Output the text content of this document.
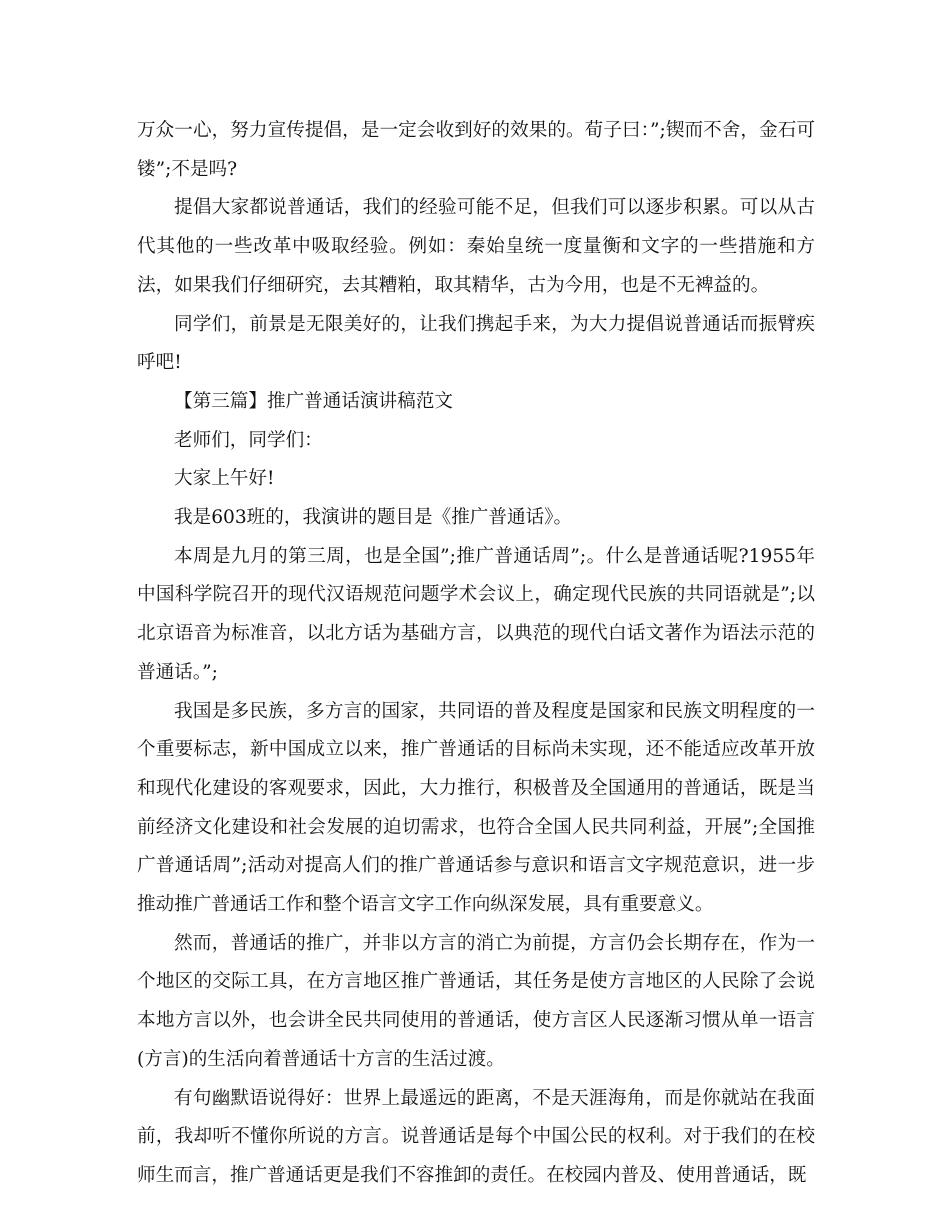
万众一心，努力宣传提倡，是一定会收到好的效果的。荀子曰：”;锲而不舍，金石可镂”;不是吗?

提倡大家都说普通话，我们的经验可能不足，但我们可以逐步积累。可以从古代其他的一些改革中吸取经验。例如：秦始皇统一度量衡和文字的一些措施和方法，如果我们仔细研究，去其糟粕，取其精华，古为今用，也是不无裨益的。

同学们，前景是无限美好的，让我们携起手来，为大力提倡说普通话而振臂疾呼吧!

【第三篇】推广普通话演讲稿范文

老师们，同学们：

大家上午好!

我是603班的，我演讲的题目是《推广普通话》。

本周是九月的第三周，也是全国”;推广普通话周”;。什么是普通话呢?1955年中国科学院召开的现代汉语规范问题学术会议上，确定现代民族的共同语就是”;以北京语音为标准音，以北方话为基础方言，以典范的现代白话文著作为语法示范的普通话。”;

我国是多民族，多方言的国家，共同语的普及程度是国家和民族文明程度的一个重要标志，新中国成立以来，推广普通话的目标尚未实现，还不能适应改革开放和现代化建设的客观要求，因此，大力推行，积极普及全国通用的普通话，既是当前经济文化建设和社会发展的迫切需求，也符合全国人民共同利益，开展”;全国推广普通话周”;活动对提高人们的推广普通话参与意识和语言文字规范意识，进一步推动推广普通话工作和整个语言文字工作向纵深发展，具有重要意义。

然而，普通话的推广，并非以方言的消亡为前提，方言仍会长期存在，作为一个地区的交际工具，在方言地区推广普通话，其任务是使方言地区的人民除了会说本地方言以外，也会讲全民共同使用的普通话，使方言区人民逐渐习惯从单一语言(方言)的生活向着普通话十方言的生活过渡。

有句幽默语说得好：世界上最遥远的距离，不是天涯海角，而是你就站在我面前，我却听不懂你所说的方言。说普通话是每个中国公民的权利。对于我们的在校师生而言，推广普通话更是我们不容推卸的责任。在校园内普及、使用普通话，既
